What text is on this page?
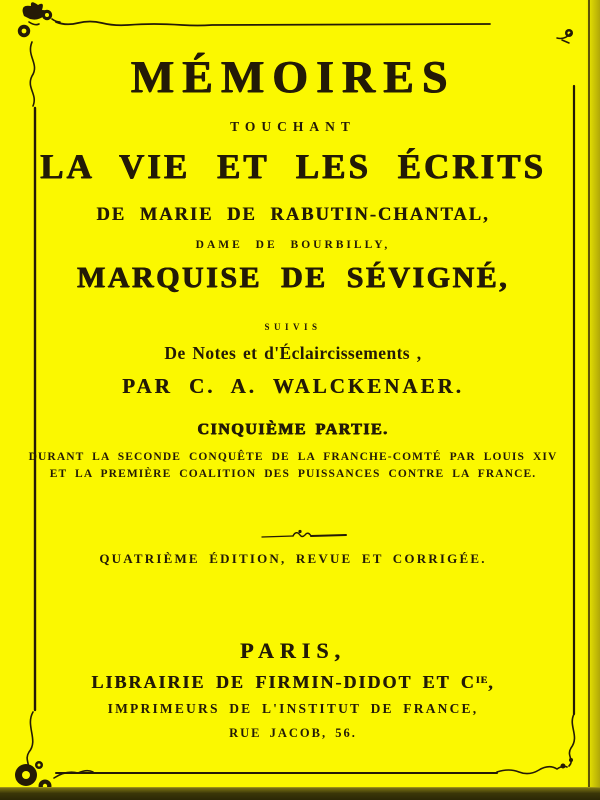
MÉMOIRES
TOUCHANT
LA VIE ET LES ÉCRITS
DE MARIE DE RABUTIN-CHANTAL,
DAME DE BOURBILLY,
MARQUISE DE SÉVIGNÉ,
SUIVIS
De Notes et d'Éclaircissements ,
PAR C. A. WALCKENAER.
CINQUIÈME PARTIE.
DURANT LA SECONDE CONQUÊTE DE LA FRANCHE-COMTÉ PAR LOUIS XIV
ET LA PREMIÈRE COALITION DES PUISSANCES CONTRE LA FRANCE.
QUATRIÈME ÉDITION, REVUE ET CORRIGÉE.
PARIS,
LIBRAIRIE DE FIRMIN-DIDOT ET $C^{IE}$,
IMPRIMEURS DE L'INSTITUT DE FRANCE,
RUE JACOB, 56.
